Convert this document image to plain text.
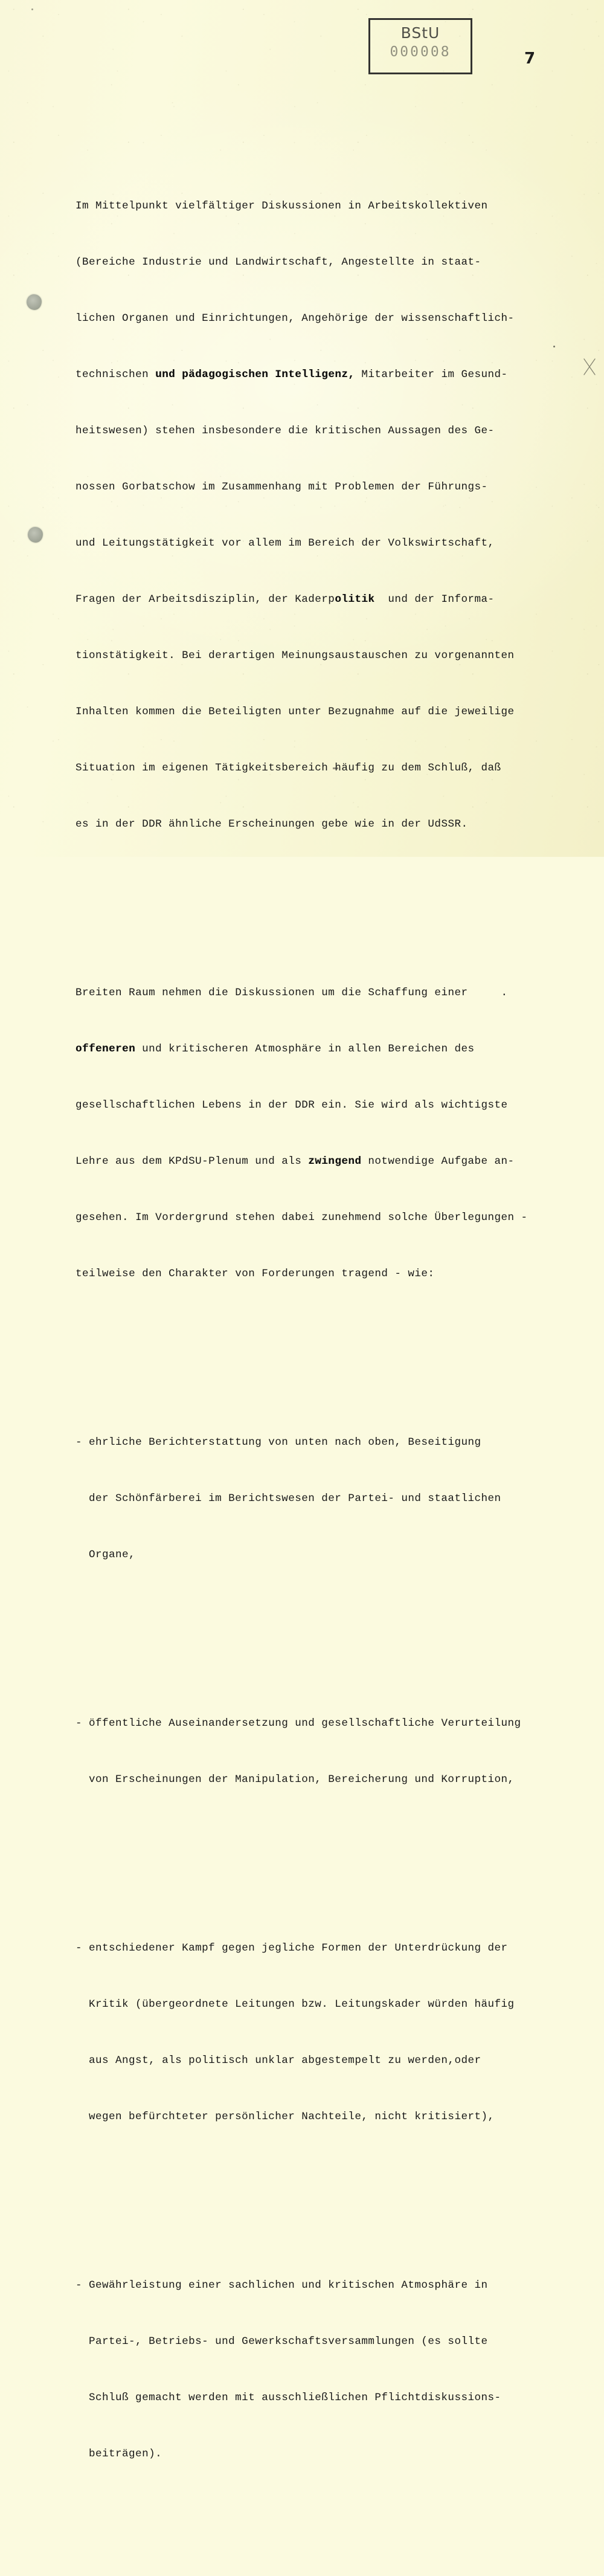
BStU
000008	7

Im Mittelpunkt vielfältiger Diskussionen in Arbeitskollektiven

(Bereiche Industrie und Landwirtschaft, Angestellte in staat-

lichen Organen und Einrichtungen, Angehörige der wissenschaftlich-

technischen und pädagogischen Intelligenz, Mitarbeiter im Gesund-

heitswesen) stehen insbesondere die kritischen Aussagen des Ge-

nossen Gorbatschow im Zusammenhang mit Problemen der Führungs-

und Leitungstätigkeit vor allem im Bereich der Volkswirtschaft,

Fragen der Arbeitsdisziplin, der Kaderpolitik  und der Informa-

tionstätigkeit. Bei derartigen Meinungsaustauschen zu vorgenannten

Inhalten kommen die Beteiligten unter Bezugnahme auf die jeweilige

Situation im eigenen Tätigkeitsbereich häufig zu dem Schluß, daß

es in der DDR ähnliche Erscheinungen gebe wie in der UdSSR.

Breiten Raum nehmen die Diskussionen um die Schaffung einer     .

offeneren und kritischeren Atmosphäre in allen Bereichen des

gesellschaftlichen Lebens in der DDR ein. Sie wird als wichtigste

Lehre aus dem KPdSU-Plenum und als zwingend notwendige Aufgabe an-

gesehen. Im Vordergrund stehen dabei zunehmend solche Überlegungen -

teilweise den Charakter von Forderungen tragend - wie:

- ehrliche Berichterstattung von unten nach oben, Beseitigung

der Schönfärberei im Berichtswesen der Partei- und staatlichen

Organe,

- öffentliche Auseinandersetzung und gesellschaftliche Verurteilung

von Erscheinungen der Manipulation, Bereicherung und Korruption,

- entschiedener Kampf gegen jegliche Formen der Unterdrückung der

Kritik (übergeordnete Leitungen bzw. Leitungskader würden häufig

aus Angst, als politisch unklar abgestempelt zu werden,oder

wegen befürchteter persönlicher Nachteile, nicht kritisiert),

- Gewährleistung einer sachlichen und kritischen Atmosphäre in

Partei-, Betriebs- und Gewerkschaftsversammlungen (es sollte

Schluß gemacht werden mit ausschließlichen Pflichtdiskussions-

beiträgen).
